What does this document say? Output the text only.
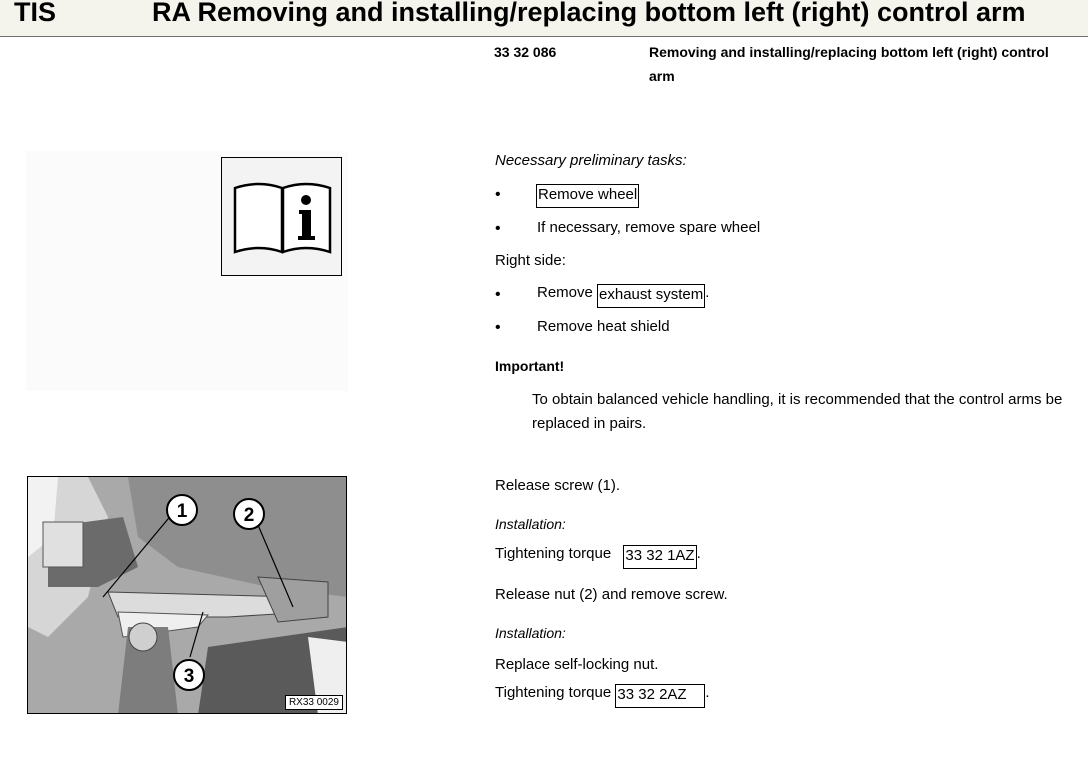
TIS	RA Removing and installing/replacing bottom left (right) control arm
33 32 086	Removing and installing/replacing bottom left (right) control arm
Necessary preliminary tasks:
• Remove wheel
• If necessary, remove spare wheel
Right side:
• Remove exhaust system .
• Remove heat shield
Important!
To obtain balanced vehicle handling, it is recommended that the control arms be replaced in pairs.
Release screw (1).
Installation:
Tightening torque 33 32 1AZ .
Release nut (2) and remove screw.
Installation:
Replace self-locking nut.
Tightening torque 33 32 2AZ .
1	2
3
RX33 0029
